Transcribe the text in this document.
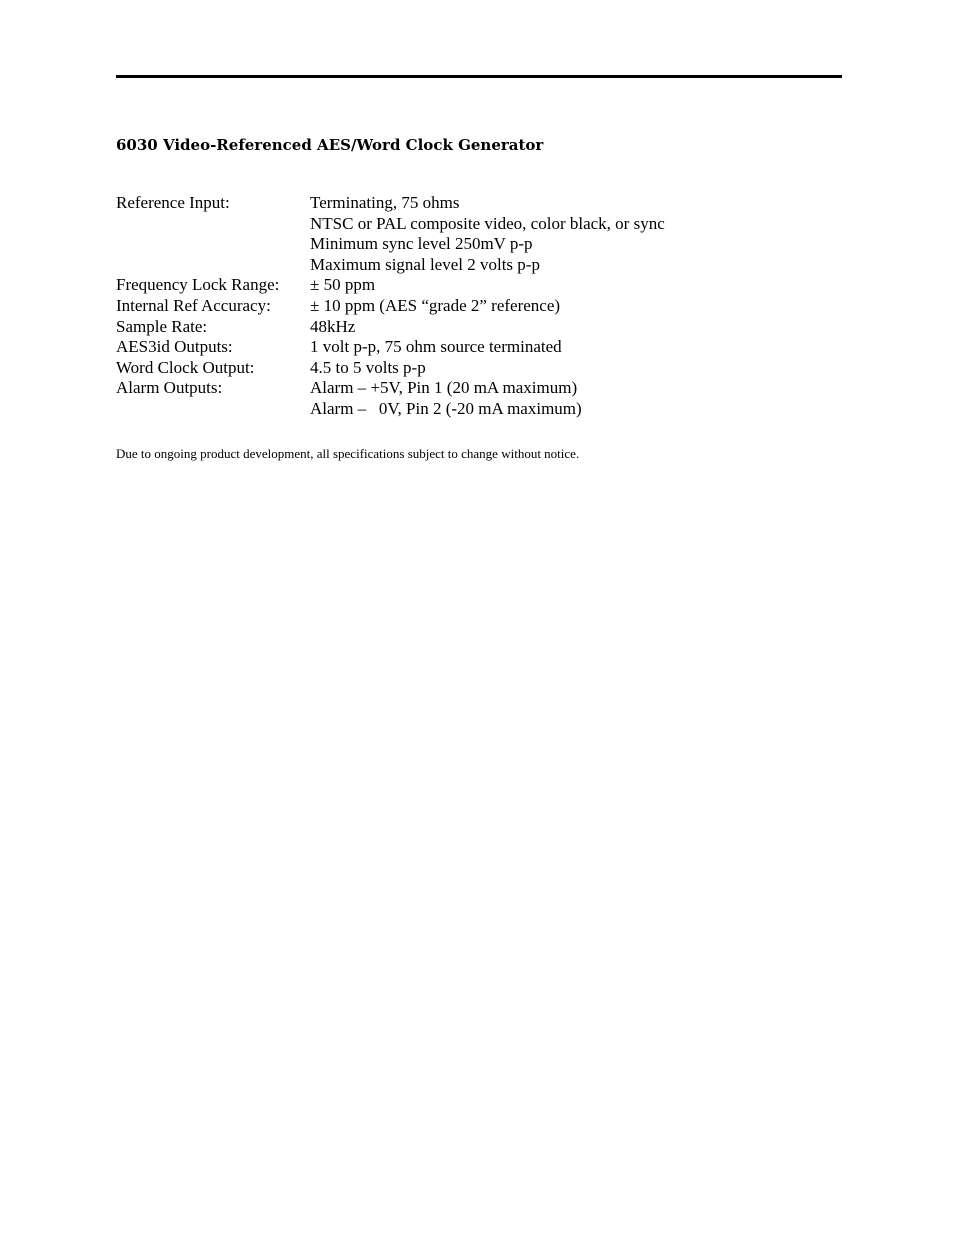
6030 Video-Referenced AES/Word Clock Generator
Reference Input:	Terminating, 75 ohms
NTSC or PAL composite video, color black, or sync
Minimum sync level 250mV p-p
Maximum signal level 2 volts p-p
Frequency Lock Range:	± 50 ppm
Internal Ref Accuracy:	± 10 ppm (AES “grade 2” reference)
Sample Rate:	48kHz
AES3id Outputs:	1 volt p-p, 75 ohm source terminated
Word Clock Output:	4.5 to 5 volts p-p
Alarm Outputs:	Alarm – +5V, Pin 1 (20 mA maximum)
Alarm –   0V, Pin 2 (-20 mA maximum)

Due to ongoing product development, all specifications subject to change without notice.
